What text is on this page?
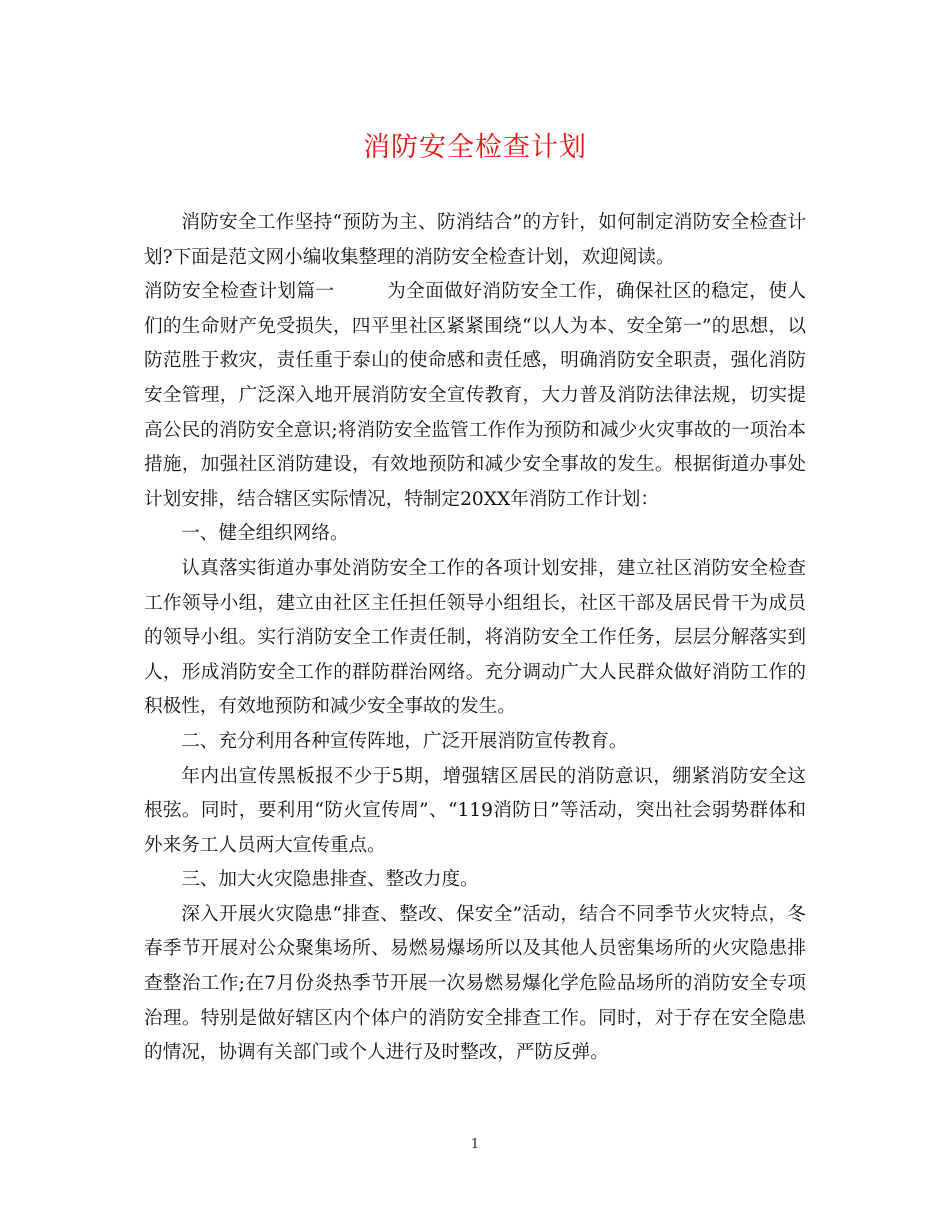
消防安全检查计划

消防安全工作坚持“预防为主、防消结合”的方针，如何制定消防安全检查计划?下面是范文网小编收集整理的消防安全检查计划，欢迎阅读。

消防安全检查计划篇一	为全面做好消防安全工作，确保社区的稳定，使人们的生命财产免受损失，四平里社区紧紧围绕“以人为本、安全第一”的思想，以防范胜于救灾，责任重于泰山的使命感和责任感，明确消防安全职责，强化消防安全管理，广泛深入地开展消防安全宣传教育，大力普及消防法律法规，切实提高公民的消防安全意识;将消防安全监管工作作为预防和减少火灾事故的一项治本措施，加强社区消防建设，有效地预防和减少安全事故的发生。根据街道办事处计划安排，结合辖区实际情况，特制定20XX年消防工作计划：

一、健全组织网络。

认真落实街道办事处消防安全工作的各项计划安排，建立社区消防安全检查工作领导小组，建立由社区主任担任领导小组组长，社区干部及居民骨干为成员的领导小组。实行消防安全工作责任制，将消防安全工作任务，层层分解落实到人，形成消防安全工作的群防群治网络。充分调动广大人民群众做好消防工作的积极性，有效地预防和减少安全事故的发生。

二、充分利用各种宣传阵地，广泛开展消防宣传教育。

年内出宣传黑板报不少于5期，增强辖区居民的消防意识，绷紧消防安全这根弦。同时，要利用“防火宣传周”、“119消防日”等活动，突出社会弱势群体和外来务工人员两大宣传重点。

三、加大火灾隐患排查、整改力度。

深入开展火灾隐患“排查、整改、保安全”活动，结合不同季节火灾特点，冬春季节开展对公众聚集场所、易燃易爆场所以及其他人员密集场所的火灾隐患排查整治工作;在7月份炎热季节开展一次易燃易爆化学危险品场所的消防安全专项治理。特别是做好辖区内个体户的消防安全排查工作。同时，对于存在安全隐患的情况，协调有关部门或个人进行及时整改，严防反弹。

1
